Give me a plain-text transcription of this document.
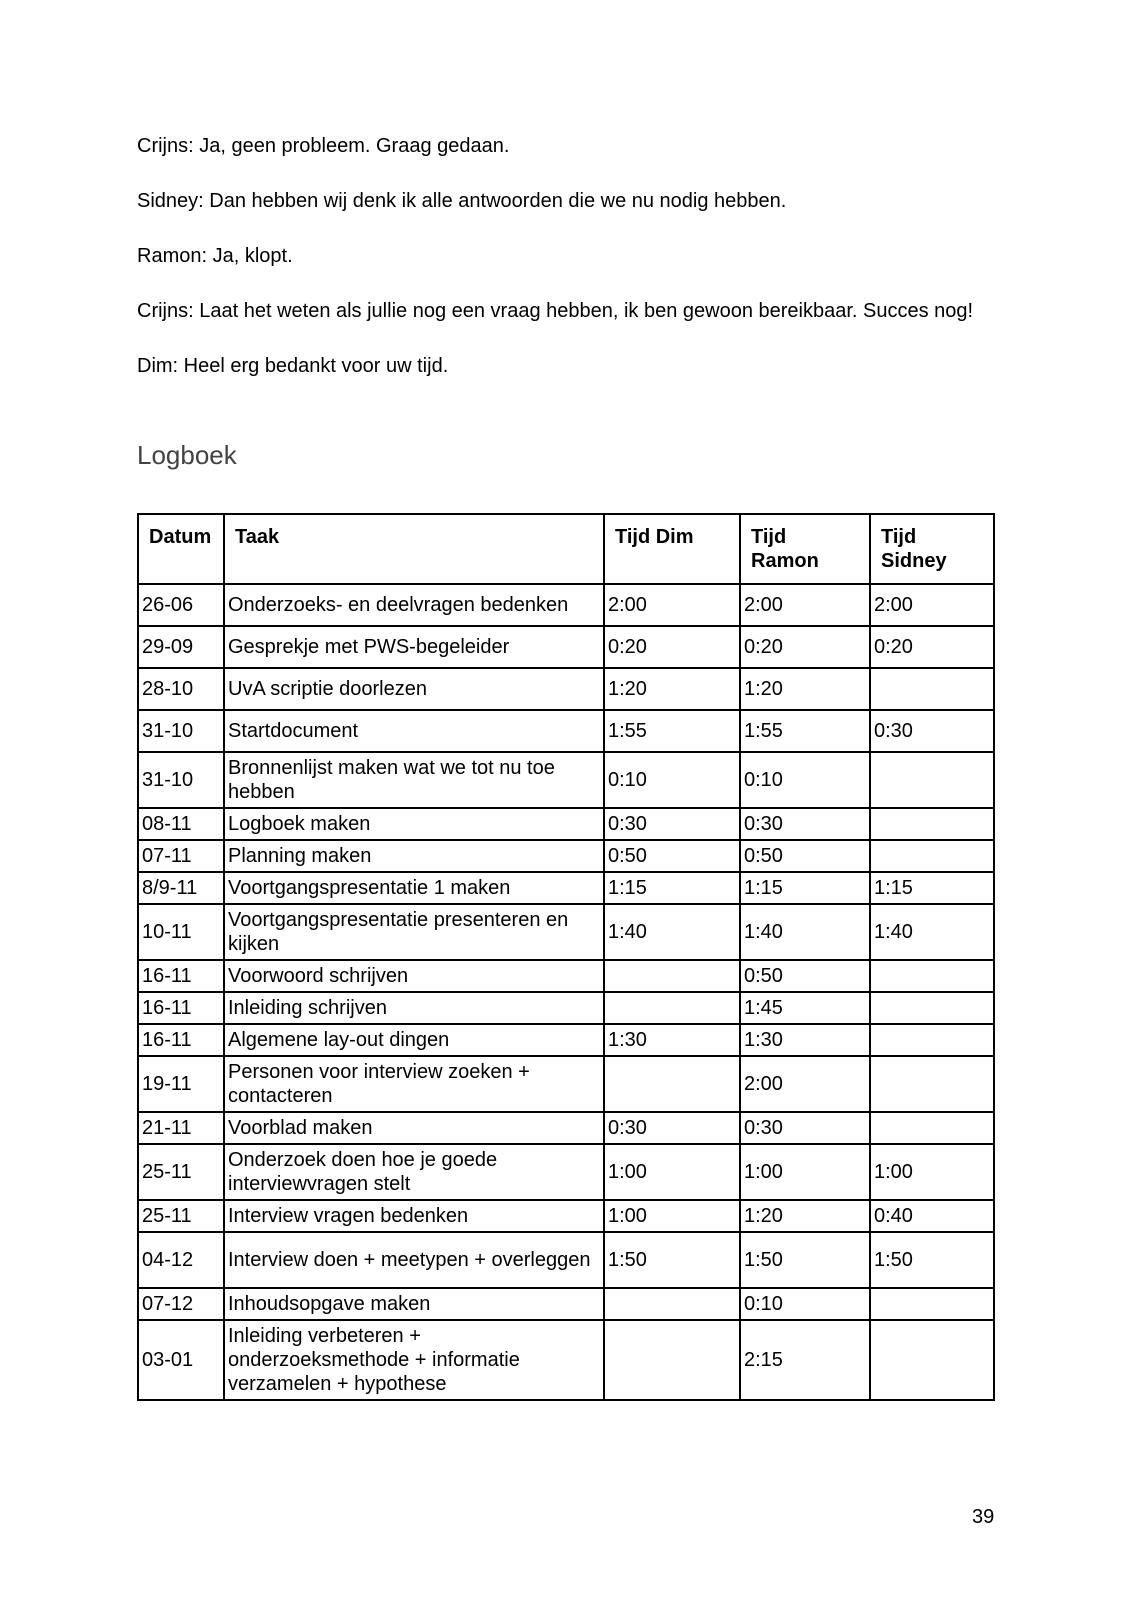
Crijns: Ja, geen probleem. Graag gedaan.

Sidney: Dan hebben wij denk ik alle antwoorden die we nu nodig hebben.

Ramon: Ja, klopt.

Crijns: Laat het weten als jullie nog een vraag hebben, ik ben gewoon bereikbaar. Succes nog!

Dim: Heel erg bedankt voor uw tijd.

Logboek
Datum	Taak	Tijd Dim	Tijd Ramon	Tijd Sidney
26-06	Onderzoeks- en deelvragen bedenken	2:00	2:00	2:00
29-09	Gesprekje met PWS-begeleider	0:20	0:20	0:20
28-10	UvA scriptie doorlezen	1:20	1:20	
31-10	Startdocument	1:55	1:55	0:30
31-10	Bronnenlijst maken wat we tot nu toe hebben	0:10	0:10	
08-11	Logboek maken	0:30	0:30	
07-11	Planning maken	0:50	0:50	
8/9-11	Voortgangspresentatie 1 maken	1:15	1:15	1:15
10-11	Voortgangspresentatie presenteren en kijken	1:40	1:40	1:40
16-11	Voorwoord schrijven		0:50	
16-11	Inleiding schrijven		1:45	
16-11	Algemene lay-out dingen	1:30	1:30	
19-11	Personen voor interview zoeken + contacteren		2:00	
21-11	Voorblad maken	0:30	0:30	
25-11	Onderzoek doen hoe je goede interviewvragen stelt	1:00	1:00	1:00
25-11	Interview vragen bedenken	1:00	1:20	0:40
04-12	Interview doen + meetypen + overleggen	1:50	1:50	1:50
07-12	Inhoudsopgave maken		0:10	
03-01	Inleiding verbeteren + onderzoeksmethode + informatie verzamelen + hypothese		2:15	
39
